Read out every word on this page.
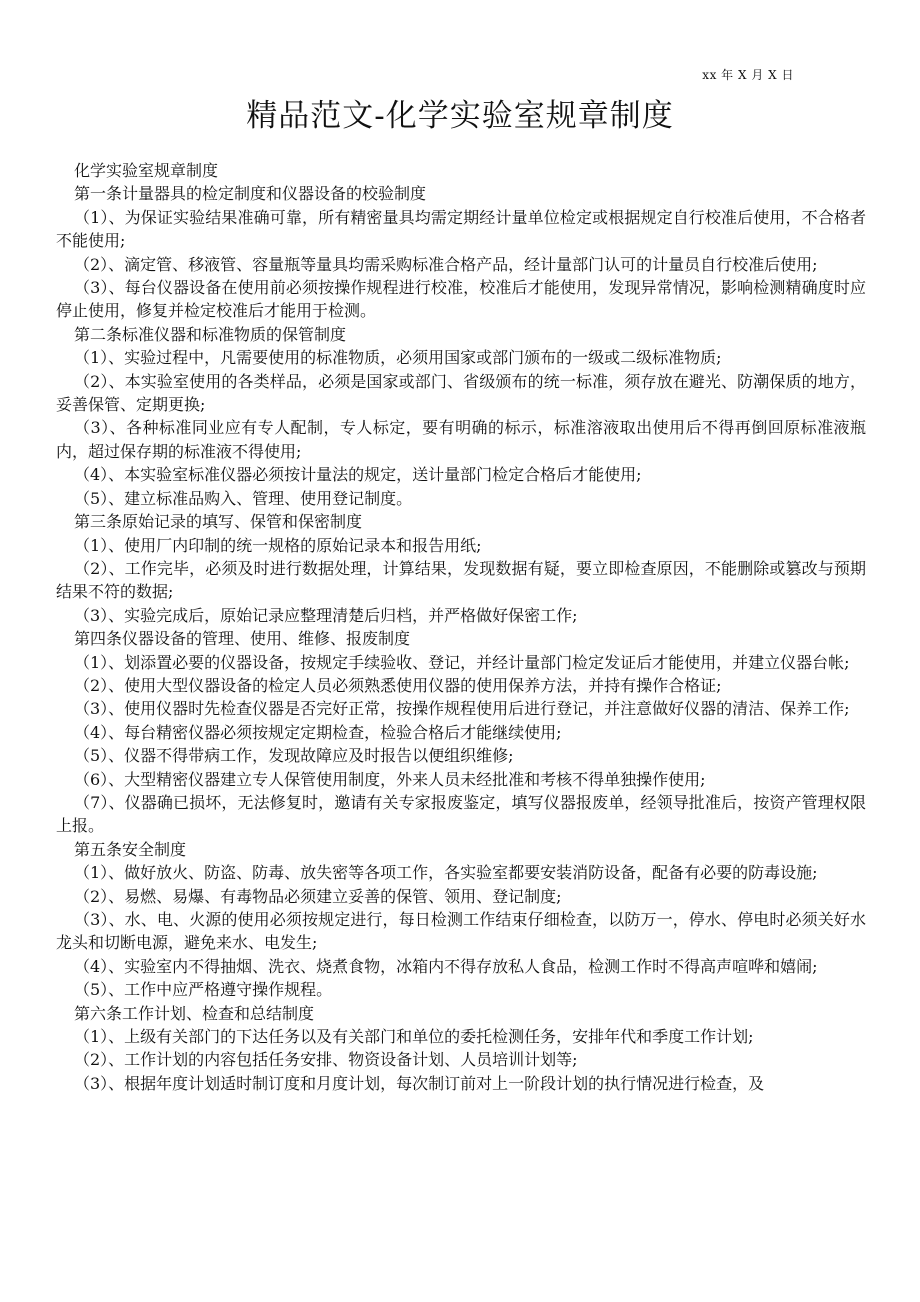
xx 年 X 月 X 日
精品范文-化学实验室规章制度

化学实验室规章制度

第一条计量器具的检定制度和仪器设备的校验制度

（1）、为保证实验结果准确可靠，所有精密量具均需定期经计量单位检定或根据规定自行校准后使用，不合格者不能使用;

（2）、滴定管、移液管、容量瓶等量具均需采购标准合格产品，经计量部门认可的计量员自行校准后使用;

（3）、每台仪器设备在使用前必须按操作规程进行校准，校准后才能使用，发现异常情况，影响检测精确度时应停止使用，修复并检定校准后才能用于检测。

第二条标准仪器和标准物质的保管制度

（1）、实验过程中，凡需要使用的标准物质，必须用国家或部门颁布的一级或二级标准物质;

（2）、本实验室使用的各类样品，必须是国家或部门、省级颁布的统一标准，须存放在避光、防潮保质的地方，妥善保管、定期更换;

（3）、各种标准同业应有专人配制，专人标定，要有明确的标示，标准溶液取出使用后不得再倒回原标准液瓶内，超过保存期的标准液不得使用;

（4）、本实验室标准仪器必须按计量法的规定，送计量部门检定合格后才能使用;

（5）、建立标准品购入、管理、使用登记制度。

第三条原始记录的填写、保管和保密制度

（1）、使用厂内印制的统一规格的原始记录本和报告用纸;

（2）、工作完毕，必须及时进行数据处理，计算结果，发现数据有疑，要立即检查原因，不能删除或篡改与预期结果不符的数据;

（3）、实验完成后，原始记录应整理清楚后归档，并严格做好保密工作;

第四条仪器设备的管理、使用、维修、报废制度

（1）、划添置必要的仪器设备，按规定手续验收、登记，并经计量部门检定发证后才能使用，并建立仪器台帐;

（2）、使用大型仪器设备的检定人员必须熟悉使用仪器的使用保养方法，并持有操作合格证;

（3）、使用仪器时先检查仪器是否完好正常，按操作规程使用后进行登记，并注意做好仪器的清洁、保养工作;

（4）、每台精密仪器必须按规定定期检查，检验合格后才能继续使用;

（5）、仪器不得带病工作，发现故障应及时报告以便组织维修;

（6）、大型精密仪器建立专人保管使用制度，外来人员未经批准和考核不得单独操作使用;

（7）、仪器确已损坏，无法修复时，邀请有关专家报废鉴定，填写仪器报废单，经领导批准后，按资产管理权限上报。

第五条安全制度

（1）、做好放火、防盗、防毒、放失密等各项工作，各实验室都要安装消防设备，配备有必要的防毒设施;

（2）、易燃、易爆、有毒物品必须建立妥善的保管、领用、登记制度;

（3）、水、电、火源的使用必须按规定进行，每日检测工作结束仔细检查，以防万一，停水、停电时必须关好水龙头和切断电源，避免来水、电发生;

（4）、实验室内不得抽烟、洗衣、烧煮食物，冰箱内不得存放私人食品，检测工作时不得高声喧哗和嬉闹;

（5）、工作中应严格遵守操作规程。

第六条工作计划、检查和总结制度

（1）、上级有关部门的下达任务以及有关部门和单位的委托检测任务，安排年代和季度工作计划;

（2）、工作计划的内容包括任务安排、物资设备计划、人员培训计划等;

（3）、根据年度计划适时制订度和月度计划，每次制订前对上一阶段计划的执行情况进行检查，及
